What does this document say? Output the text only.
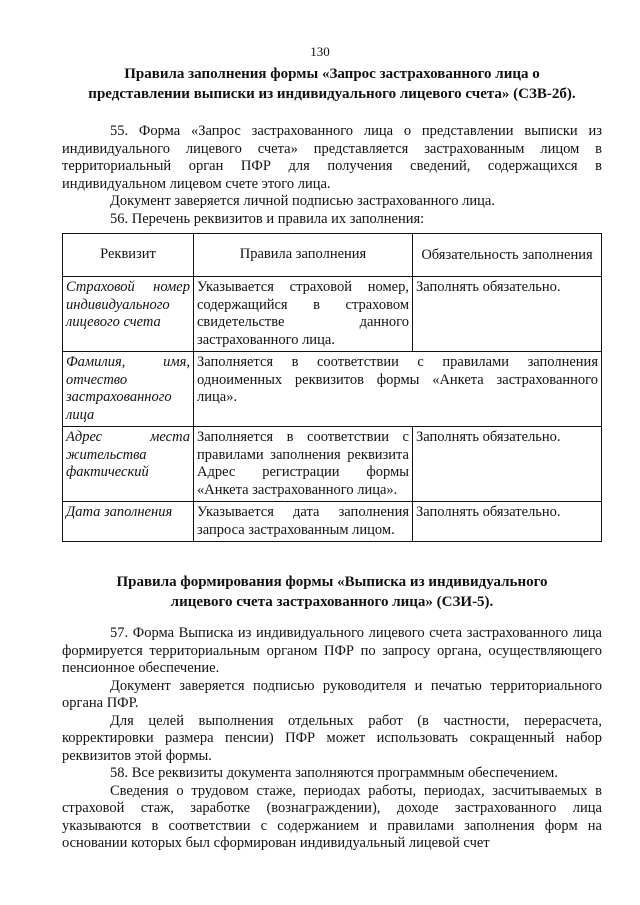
130

Правила заполнения формы «Запрос застрахованного лица о

представлении выписки из индивидуального лицевого счета» (СЗВ-2б).

55. Форма «Запрос застрахованного лица о представлении выписки из индивидуального лицевого счета» представляется застрахованным лицом в территориальный орган ПФР для получения сведений, содержащихся в индивидуальном лицевом счете этого лица.

Документ заверяется личной подписью застрахованного лица.

56. Перечень реквизитов и правила их заполнения:

Реквизит	Правила заполнения	Обязательность заполнения
Страховой номер индивидуального лицевого счета	Указывается страховой номер, содержащийся в страховом свидетельстве данного застрахованного лица.	Заполнять обязательно.
Фамилия, имя, отчество застрахованного лица	Заполняется в соответствии с правилами заполнения одноименных реквизитов формы «Анкета застрахованного лица».	
Адрес места жительства фактический	Заполняется в соответствии с правилами заполнения реквизита Адрес регистрации формы «Анкета застрахованного лица».	Заполнять обязательно.
Дата заполнения	Указывается дата заполнения запроса застрахованным лицом.	Заполнять обязательно.

Правила формирования формы «Выписка из индивидуального

лицевого счета застрахованного лица» (СЗИ-5).

57. Форма Выписка из индивидуального лицевого счета застрахованного лица формируется территориальным органом ПФР по запросу органа, осуществляющего пенсионное обеспечение.

Документ заверяется подписью руководителя и печатью территориального органа ПФР.

Для целей выполнения отдельных работ (в частности, перерасчета, корректировки размера пенсии) ПФР может использовать сокращенный набор реквизитов этой формы.

58. Все реквизиты документа заполняются программным обеспечением.

Сведения о трудовом стаже, периодах работы, периодах, засчитываемых в страховой стаж, заработке (вознаграждении), доходе застрахованного лица указываются в соответствии с содержанием и правилами заполнения форм на основании которых был сформирован индивидуальный лицевой счет
